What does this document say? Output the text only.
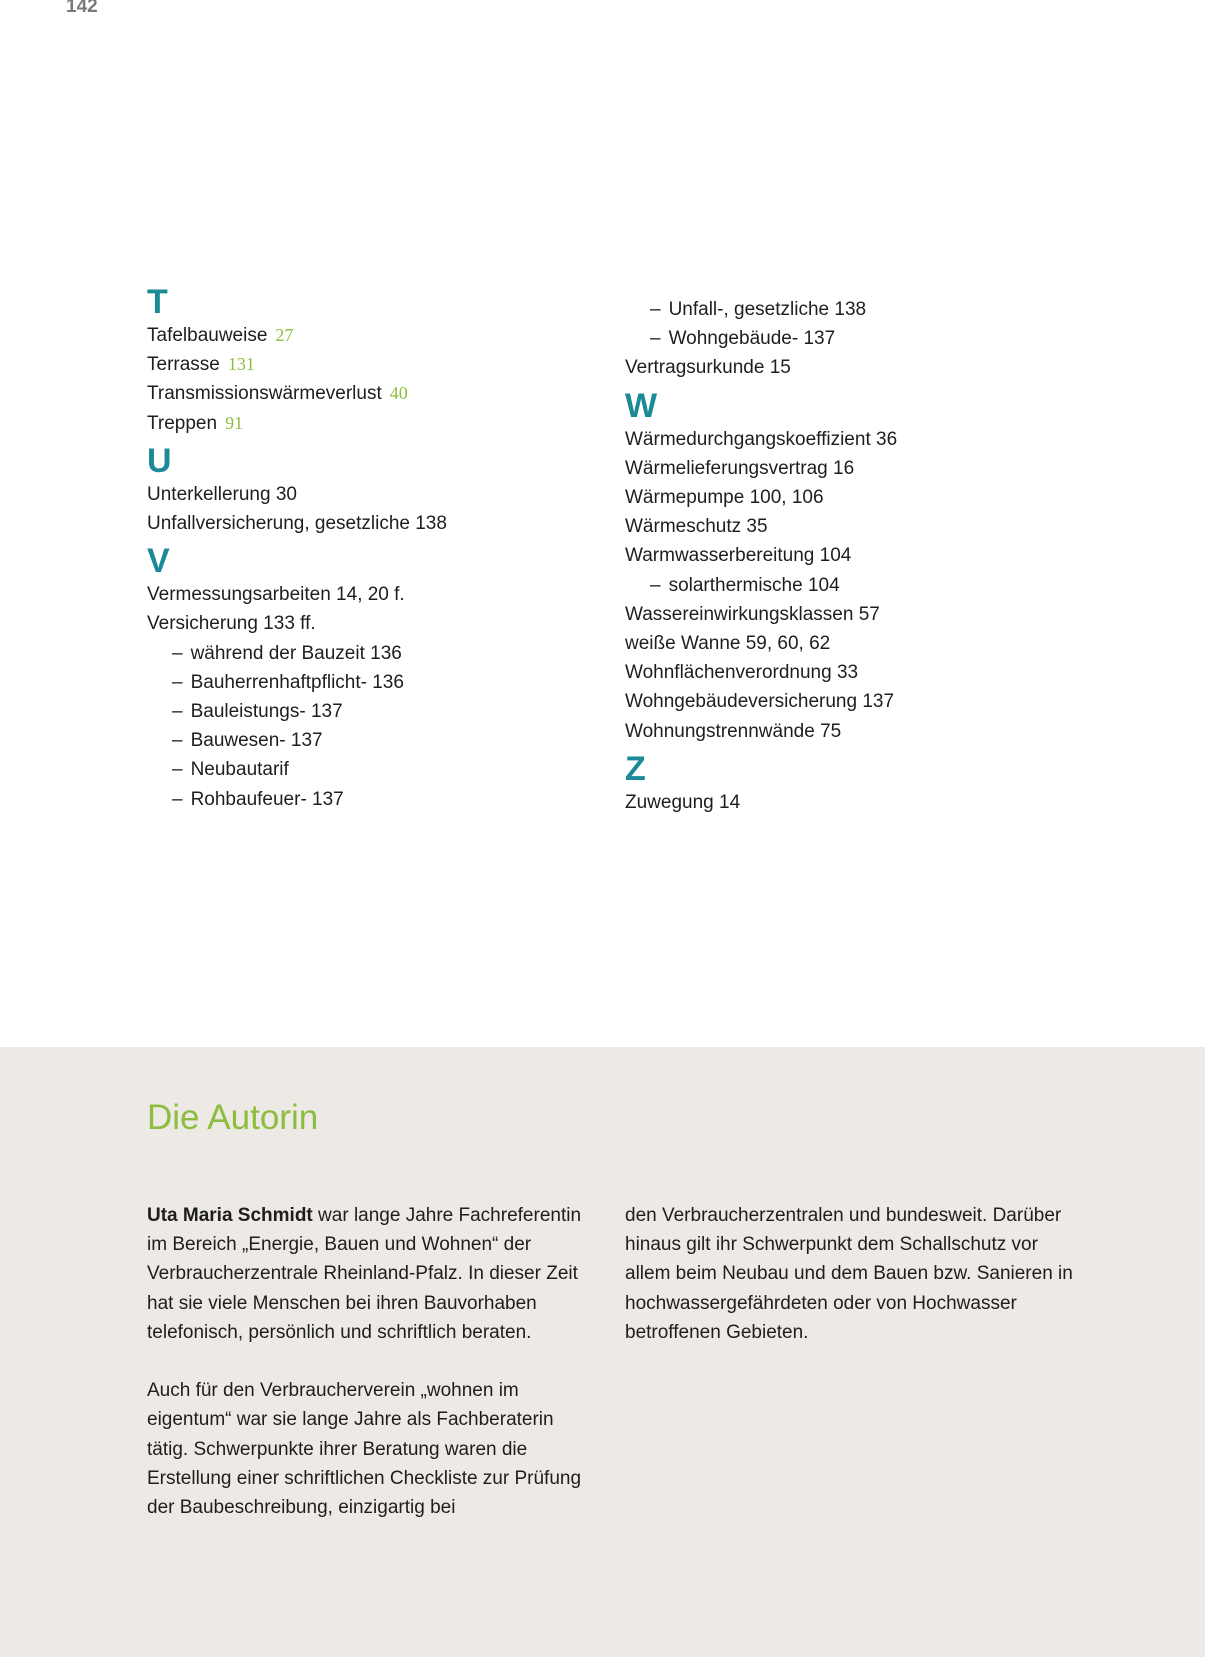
142
T
Tafelbauweise 27
Terrasse 131
Transmissionswärmeverlust 40
Treppen 91
U
Unterkellerung 30
Unfallversicherung, gesetzliche 138
V
Vermessungsarbeiten 14, 20 f.
Versicherung 133 ff.
– während der Bauzeit 136
– Bauherrenhaftpflicht- 136
– Bauleistungs- 137
– Bauwesen- 137
– Neubautarif
– Rohbaufeuer- 137
– Unfall-, gesetzliche 138
– Wohngebäude- 137
Vertragsurkunde 15
W
Wärmedurchgangskoeffizient 36
Wärmelieferungsvertrag 16
Wärmepumpe 100, 106
Wärmeschutz 35
Warmwasserbereitung 104
– solarthermische 104
Wassereinwirkungsklassen 57
weiße Wanne 59, 60, 62
Wohnflächenverordnung 33
Wohngebäudeversicherung 137
Wohnungstrennwände 75
Z
Zuwegung 14
Die Autorin

Uta Maria Schmidt war lange Jahre Fachreferentin im Bereich „Energie, Bauen und Wohnen“ der Verbraucherzentrale Rheinland-Pfalz. In dieser Zeit hat sie viele Menschen bei ihren Bauvorhaben telefonisch, persönlich und schriftlich beraten.

Auch für den Verbraucherverein „wohnen im eigentum“ war sie lange Jahre als Fachberaterin tätig. Schwerpunkte ihrer Beratung waren die Erstellung einer schriftlichen Checkliste zur Prüfung der Baubeschreibung, einzigartig bei

den Verbraucherzentralen und bundesweit. Darüber hinaus gilt ihr Schwerpunkt dem Schallschutz vor allem beim Neubau und dem Bauen bzw. Sanieren in hochwassergefährdeten oder von Hochwasser betroffenen Gebieten.
